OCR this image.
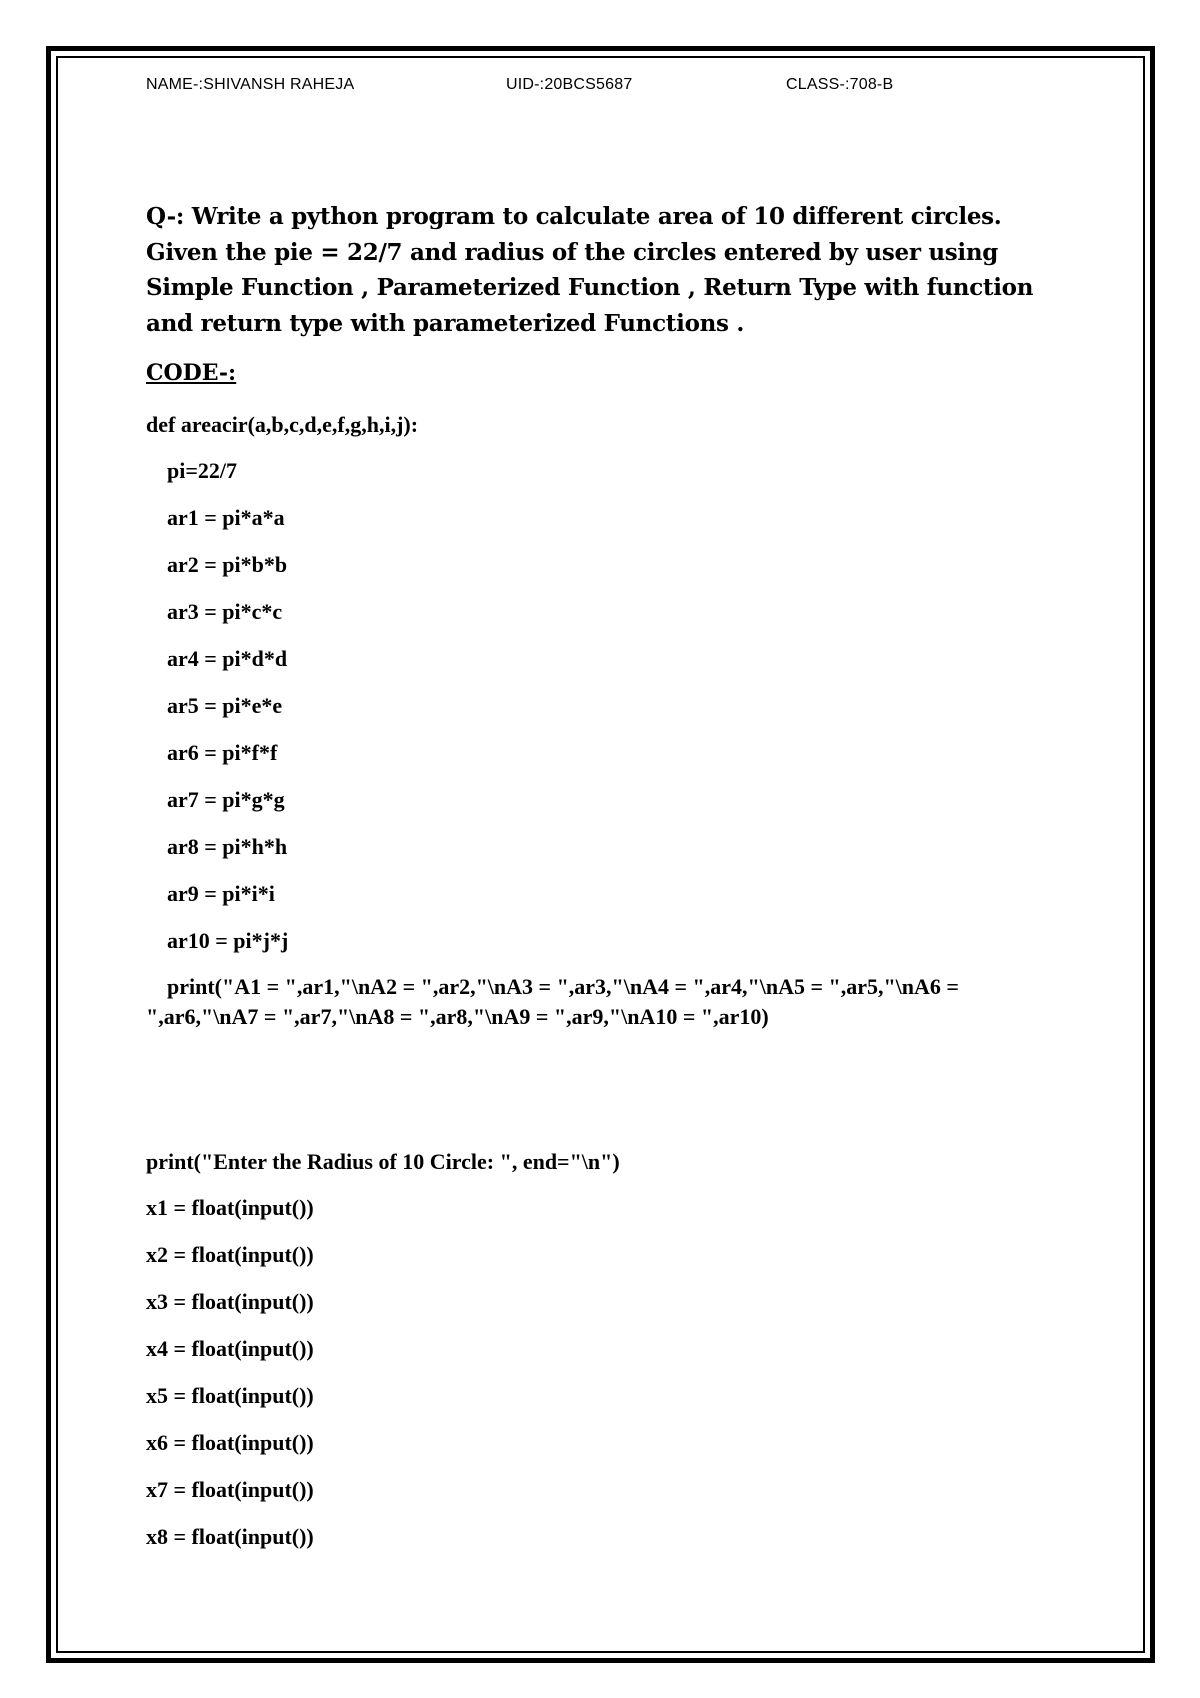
NAME-:SHIVANSH RAHEJA	UID-:20BCS5687	CLASS-:708-B
Q-: Write a python program to calculate area of 10 different circles.
Given the pie = 22/7 and radius of the circles entered by user using
Simple Function , Parameterized Function , Return Type with function
and return type with parameterized Functions .
CODE-:
def areacir(a,b,c,d,e,f,g,h,i,j):
pi=22/7
ar1 = pi*a*a
ar2 = pi*b*b
ar3 = pi*c*c
ar4 = pi*d*d
ar5 = pi*e*e
ar6 = pi*f*f
ar7 = pi*g*g
ar8 = pi*h*h
ar9 = pi*i*i
ar10 = pi*j*j
print("A1 = ",ar1,"\nA2 = ",ar2,"\nA3 = ",ar3,"\nA4 = ",ar4,"\nA5 = ",ar5,"\nA6 =
",ar6,"\nA7 = ",ar7,"\nA8 = ",ar8,"\nA9 = ",ar9,"\nA10 = ",ar10)
print("Enter the Radius of 10 Circle: ", end="\n")
x1 = float(input())
x2 = float(input())
x3 = float(input())
x4 = float(input())
x5 = float(input())
x6 = float(input())
x7 = float(input())
x8 = float(input())
